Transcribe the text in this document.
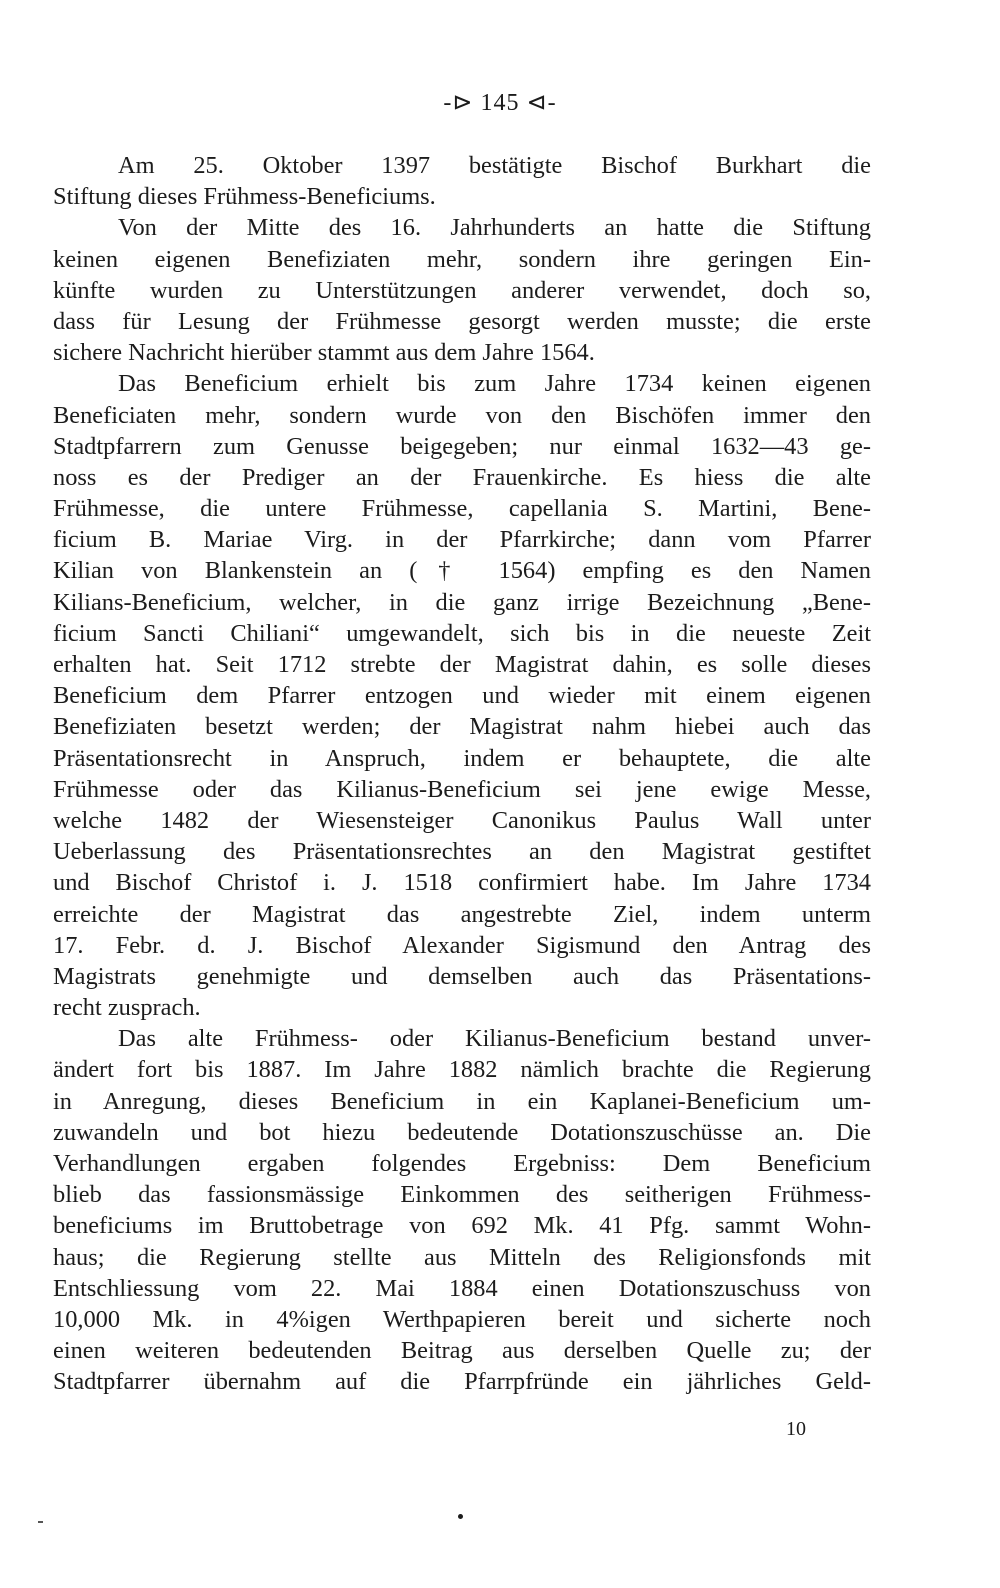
-⊳ 145 ⊲-
Am 25. Oktober 1397 bestätigte Bischof Burkhart die
Stiftung dieses Frühmess-Beneficiums.
Von der Mitte des 16. Jahrhunderts an hatte die Stiftung
keinen eigenen Benefiziaten mehr, sondern ihre geringen Ein-
künfte wurden zu Unterstützungen anderer verwendet, doch so,
dass für Lesung der Frühmesse gesorgt werden musste; die erste
sichere Nachricht hierüber stammt aus dem Jahre 1564.
Das Beneficium erhielt bis zum Jahre 1734 keinen eigenen
Beneficiaten mehr, sondern wurde von den Bischöfen immer den
Stadtpfarrern zum Genusse beigegeben; nur einmal 1632—43 ge-
noss es der Prediger an der Frauenkirche. Es hiess die alte
Frühmesse, die untere Frühmesse, capellania S. Martini, Bene-
ficium B. Mariae Virg. in der Pfarrkirche; dann vom Pfarrer
Kilian von Blankenstein an († 1564) empfing es den Namen
Kilians-Beneficium, welcher, in die ganz irrige Bezeichnung „Bene-
ficium Sancti Chiliani“ umgewandelt, sich bis in die neueste Zeit
erhalten hat. Seit 1712 strebte der Magistrat dahin, es solle dieses
Beneficium dem Pfarrer entzogen und wieder mit einem eigenen
Benefiziaten besetzt werden; der Magistrat nahm hiebei auch das
Präsentationsrecht in Anspruch, indem er behauptete, die alte
Frühmesse oder das Kilianus-Beneficium sei jene ewige Messe,
welche 1482 der Wiesensteiger Canonikus Paulus Wall unter
Ueberlassung des Präsentationsrechtes an den Magistrat gestiftet
und Bischof Christof i. J. 1518 confirmiert habe. Im Jahre 1734
erreichte der Magistrat das angestrebte Ziel, indem unterm
17. Febr. d. J. Bischof Alexander Sigismund den Antrag des
Magistrats genehmigte und demselben auch das Präsentations-
recht zusprach.
Das alte Frühmess- oder Kilianus-Beneficium bestand unver-
ändert fort bis 1887. Im Jahre 1882 nämlich brachte die Regierung
in Anregung, dieses Beneficium in ein Kaplanei-Beneficium um-
zuwandeln und bot hiezu bedeutende Dotationszuschüsse an. Die
Verhandlungen ergaben folgendes Ergebniss: Dem Beneficium
blieb das fassionsmässige Einkommen des seitherigen Frühmess-
beneficiums im Bruttobetrage von 692 Mk. 41 Pfg. sammt Wohn-
haus; die Regierung stellte aus Mitteln des Religionsfonds mit
Entschliessung vom 22. Mai 1884 einen Dotationszuschuss von
10,000 Mk. in 4%igen Werthpapieren bereit und sicherte noch
einen weiteren bedeutenden Beitrag aus derselben Quelle zu; der
Stadtpfarrer übernahm auf die Pfarrpfründe ein jährliches Geld-
10
